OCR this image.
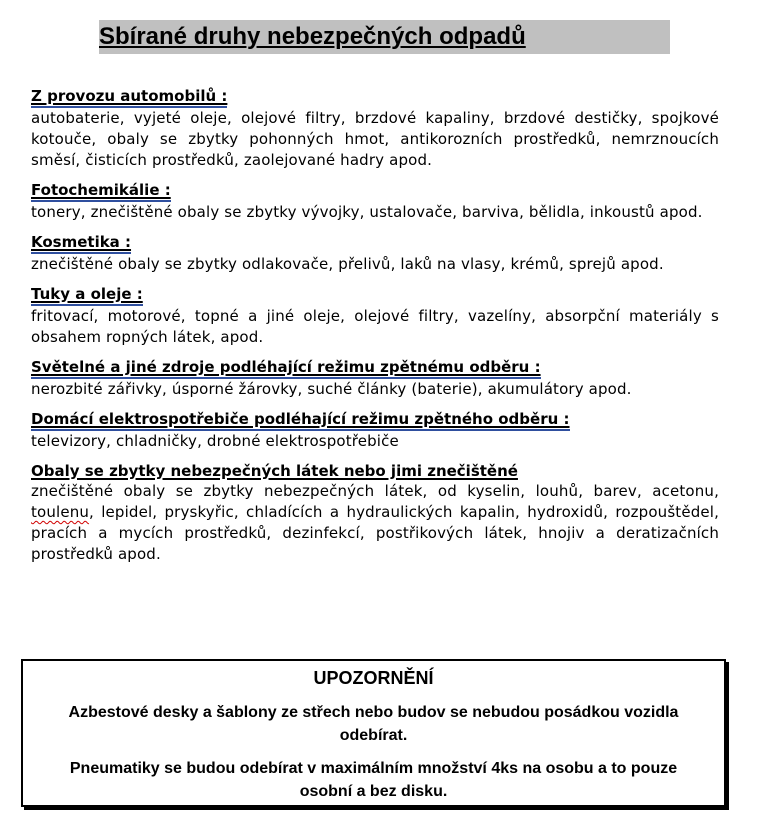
Sbírané druhy nebezpečných odpadů
Z provozu automobilů :
autobaterie, vyjeté oleje, olejové filtry, brzdové kapaliny, brzdové destičky, spojkové kotouče, obaly se zbytky pohonných hmot, antikorozních prostředků, nemrznoucích směsí, čisticích prostředků, zaolejované hadry apod.
Fotochemikálie :
tonery, znečištěné obaly se zbytky vývojky, ustalovače, barviva, bělidla, inkoustů apod.
Kosmetika :
znečištěné obaly se zbytky odlakovače, přelivů, laků na vlasy, krémů, sprejů apod.
Tuky a oleje :
fritovací, motorové, topné a jiné oleje, olejové filtry, vazelíny, absorpční materiály s obsahem ropných látek, apod.
Světelné a jiné zdroje podléhající režimu zpětnému odběru :
nerozbité zářivky, úsporné žárovky, suché články (baterie), akumulátory apod.
Domácí elektrospotřebiče podléhající režimu zpětného odběru :
televizory, chladničky, drobné elektrospotřebiče
Obaly se zbytky nebezpečných látek nebo jimi znečištěné
znečištěné obaly se zbytky nebezpečných látek, od kyselin, louhů, barev, acetonu, toulenu, lepidel, pryskyřic, chladících a hydraulických kapalin, hydroxidů, rozpouštědel, pracích a mycích prostředků, dezinfekcí, postřikových látek, hnojiv a deratizačních prostředků apod.
UPOZORNĚNÍ
Azbestové desky a šablony ze střech nebo budov se nebudou posádkou vozidla odebírat.
Pneumatiky se budou odebírat v maximálním množství 4ks na osobu a to pouze osobní a bez disku.
